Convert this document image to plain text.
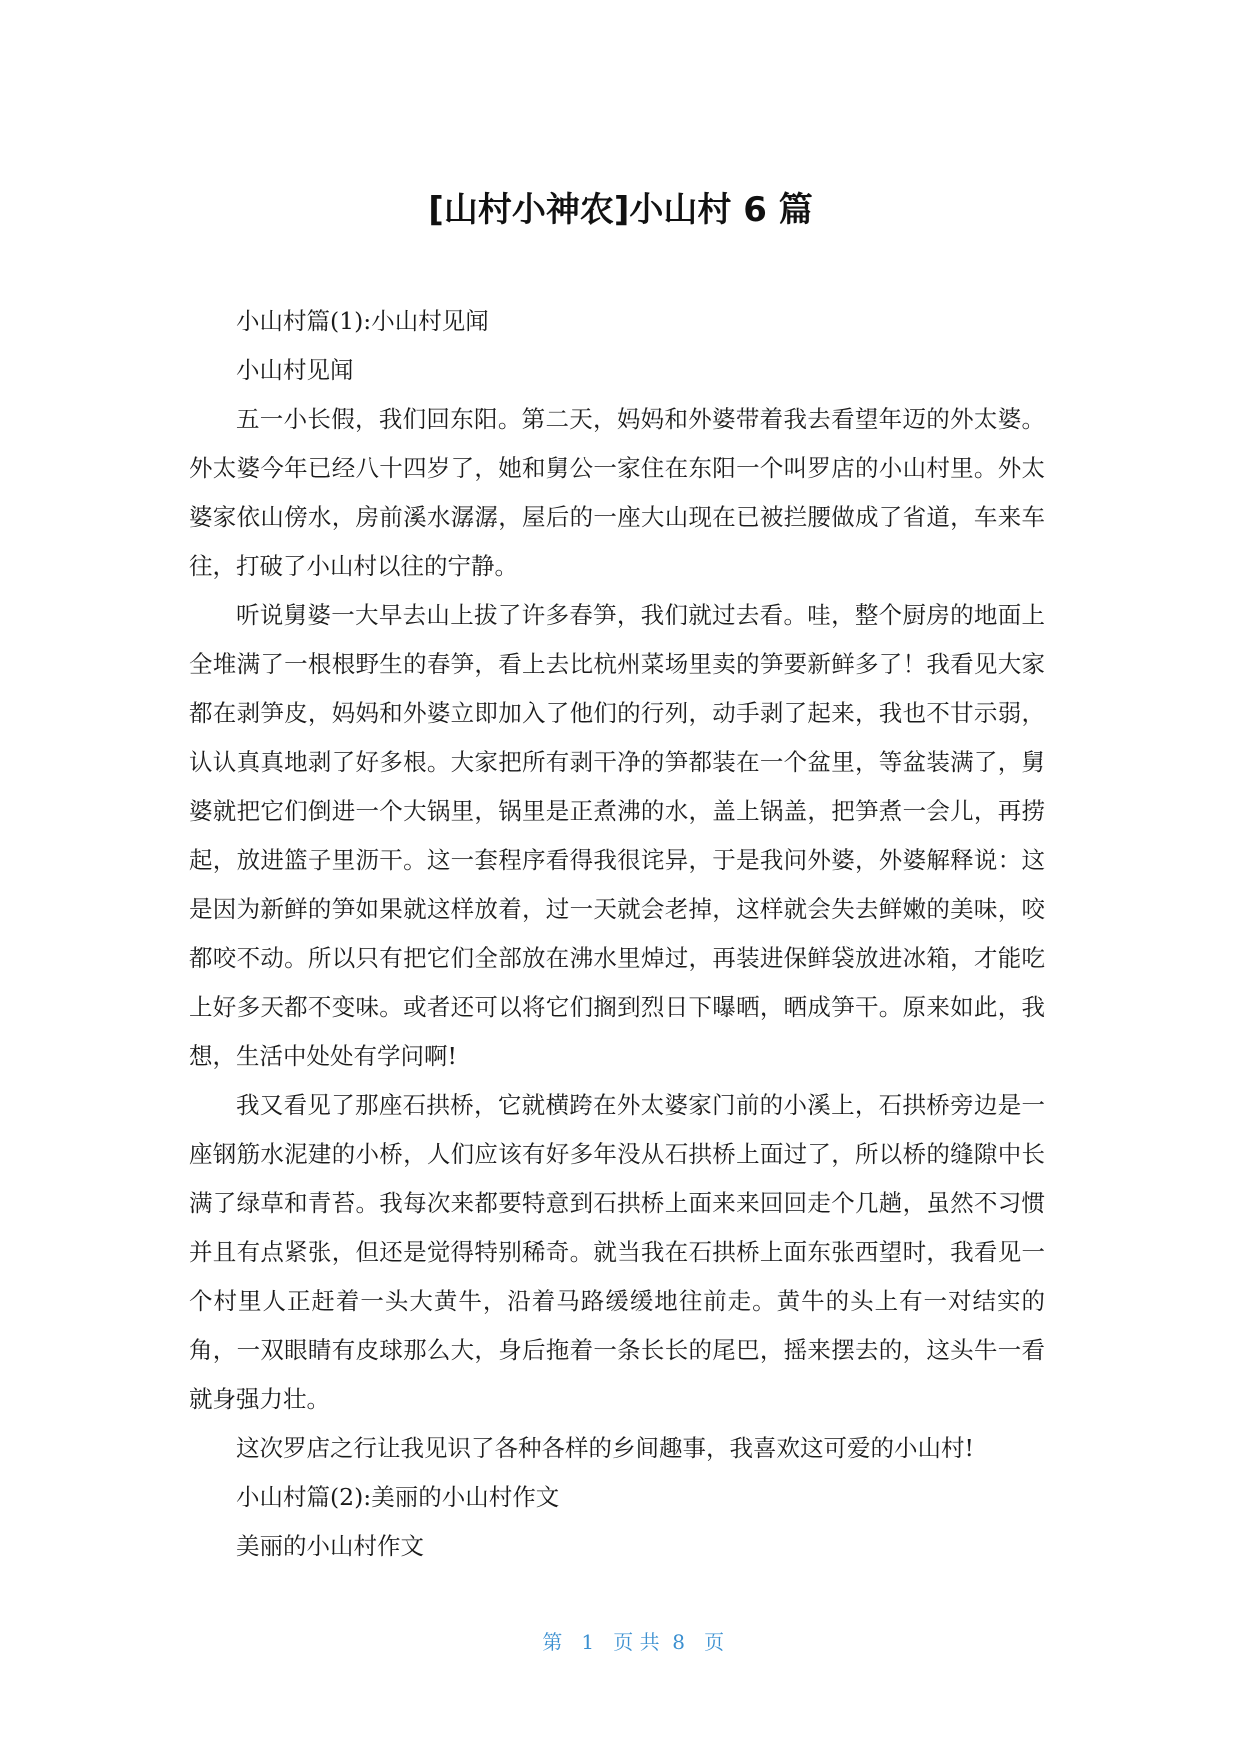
[山村小神农]小山村 6 篇

小山村篇(1):小山村见闻

小山村见闻

五一小长假，我们回东阳。第二天，妈妈和外婆带着我去看望年迈的外太婆。外太婆今年已经八十四岁了，她和舅公一家住在东阳一个叫罗店的小山村里。外太婆家依山傍水，房前溪水潺潺，屋后的一座大山现在已被拦腰做成了省道，车来车往，打破了小山村以往的宁静。

听说舅婆一大早去山上拔了许多春笋，我们就过去看。哇，整个厨房的地面上全堆满了一根根野生的春笋，看上去比杭州菜场里卖的笋要新鲜多了！我看见大家都在剥笋皮，妈妈和外婆立即加入了他们的行列，动手剥了起来，我也不甘示弱，认认真真地剥了好多根。大家把所有剥干净的笋都装在一个盆里，等盆装满了，舅婆就把它们倒进一个大锅里，锅里是正煮沸的水，盖上锅盖，把笋煮一会儿，再捞起，放进篮子里沥干。这一套程序看得我很诧异，于是我问外婆，外婆解释说：这是因为新鲜的笋如果就这样放着，过一天就会老掉，这样就会失去鲜嫩的美味，咬都咬不动。所以只有把它们全部放在沸水里焯过，再装进保鲜袋放进冰箱，才能吃上好多天都不变味。或者还可以将它们搁到烈日下曝晒，晒成笋干。原来如此，我想，生活中处处有学问啊!

我又看见了那座石拱桥，它就横跨在外太婆家门前的小溪上，石拱桥旁边是一座钢筋水泥建的小桥，人们应该有好多年没从石拱桥上面过了，所以桥的缝隙中长满了绿草和青苔。我每次来都要特意到石拱桥上面来来回回走个几趟，虽然不习惯并且有点紧张，但还是觉得特别稀奇。就当我在石拱桥上面东张西望时，我看见一个村里人正赶着一头大黄牛，沿着马路缓缓地往前走。黄牛的头上有一对结实的角，一双眼睛有皮球那么大，身后拖着一条长长的尾巴，摇来摆去的，这头牛一看就身强力壮。

这次罗店之行让我见识了各种各样的乡间趣事，我喜欢这可爱的小山村!

小山村篇(2):美丽的小山村作文

美丽的小山村作文

第   1   页 共  8   页
